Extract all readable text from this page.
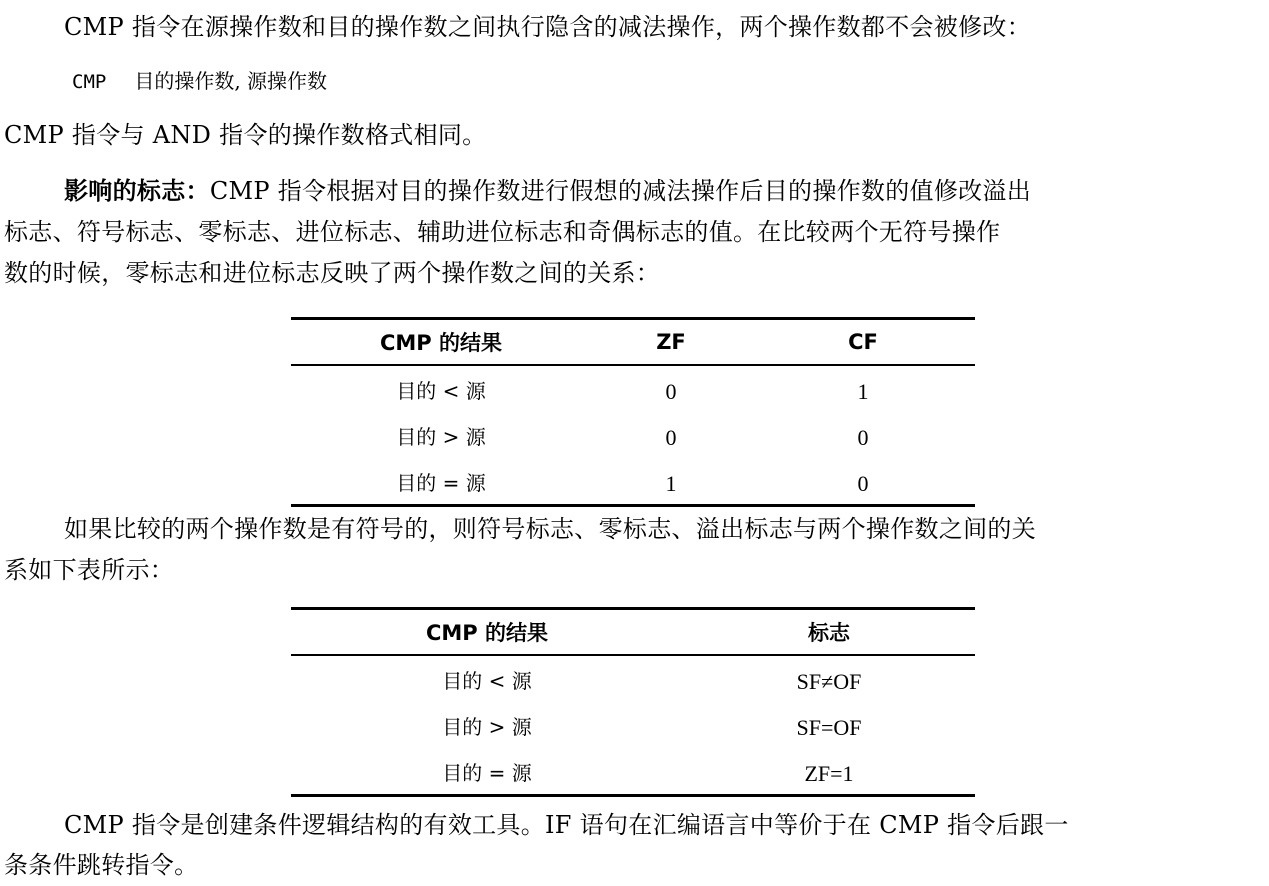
CMP 指令在源操作数和目的操作数之间执行隐含的减法操作，两个操作数都不会被修改：
CMP 目的操作数, 源操作数
CMP 指令与 AND 指令的操作数格式相同。
影响的标志：CMP 指令根据对目的操作数进行假想的减法操作后目的操作数的值修改溢出
标志、符号标志、零标志、进位标志、辅助进位标志和奇偶标志的值。在比较两个无符号操作
数的时候，零标志和进位标志反映了两个操作数之间的关系：
CMP 的结果	ZF	CF
目的 < 源	0	1
目的 > 源	0	0
目的 = 源	1	0
如果比较的两个操作数是有符号的，则符号标志、零标志、溢出标志与两个操作数之间的关
系如下表所示：
CMP 的结果	标志
目的 < 源	SF≠OF
目的 > 源	SF=OF
目的 = 源	ZF=1
CMP 指令是创建条件逻辑结构的有效工具。IF 语句在汇编语言中等价于在 CMP 指令后跟一
条条件跳转指令。
